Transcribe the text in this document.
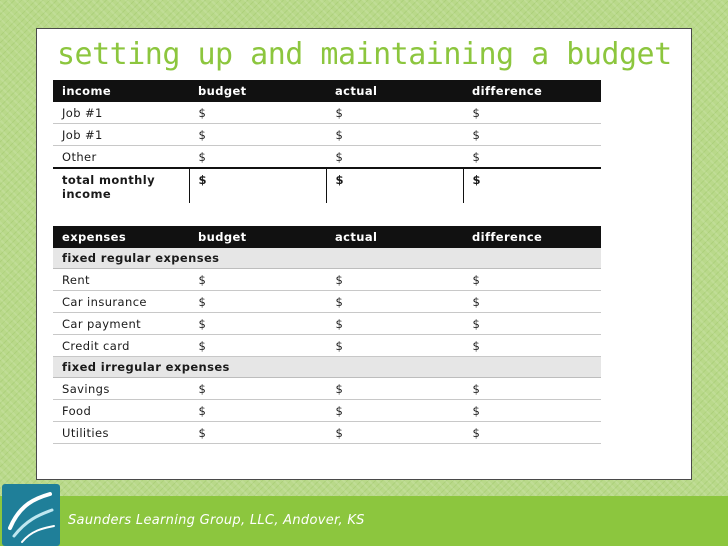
setting up and maintaining a budget
income	budget	actual	difference
Job #1	$	$	$
Job #1	$	$	$
Other	$	$	$
total monthly income	$	$	$
expenses	budget	actual	difference
fixed regular expenses			
Rent	$	$	$
Car insurance	$	$	$
Car payment	$	$	$
Credit card	$	$	$
fixed irregular expenses			
Savings	$	$	$
Food	$	$	$
Utilities	$	$	$
Saunders Learning Group, LLC, Andover, KS
